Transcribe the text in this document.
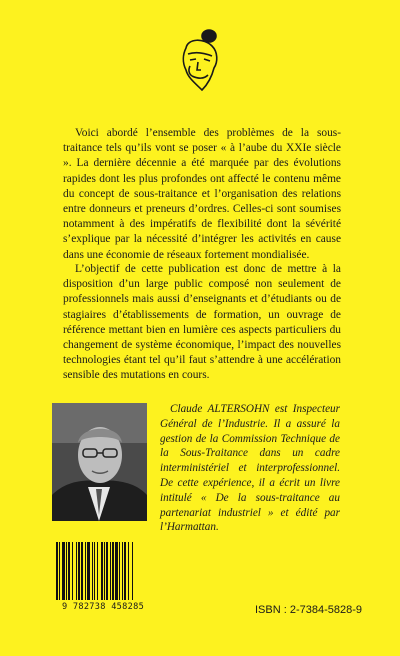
Voici abordé l’ensemble des problèmes de la sous-traitance tels qu’ils vont se poser « à l’aube du XXIe siècle ». La dernière décennie a été marquée par des évolutions rapides dont les plus profondes ont affecté le contenu même du concept de sous-traitance et l’organisation des relations entre donneurs et preneurs d’ordres. Celles-ci sont soumises notamment à des impératifs de flexibilité dont la sévérité s’explique par la nécessité d’intégrer les activités en cause dans une économie de réseaux fortement mondialisée.

L’objectif de cette publication est donc de mettre à la disposition d’un large public composé non seulement de professionnels mais aussi d’enseignants et d’étudiants ou de stagiaires d’établissements de formation, un ouvrage de référence mettant bien en lumière ces aspects particuliers du changement de système économique, l’impact des nouvelles technologies étant tel qu’il faut s’attendre à une accélération sensible des mutations en cours.

Claude ALTERSOHN est Inspecteur Général de l’Industrie. Il a assuré la gestion de la Commission Technique de la Sous-Traitance dans un cadre interministériel et interprofessionnel. De cette expérience, il a écrit un livre intitulé « De la sous-traitance au partenariat industriel » et édité par l’Harmattan.

9 782738 458285	ISBN : 2-7384-5828-9
